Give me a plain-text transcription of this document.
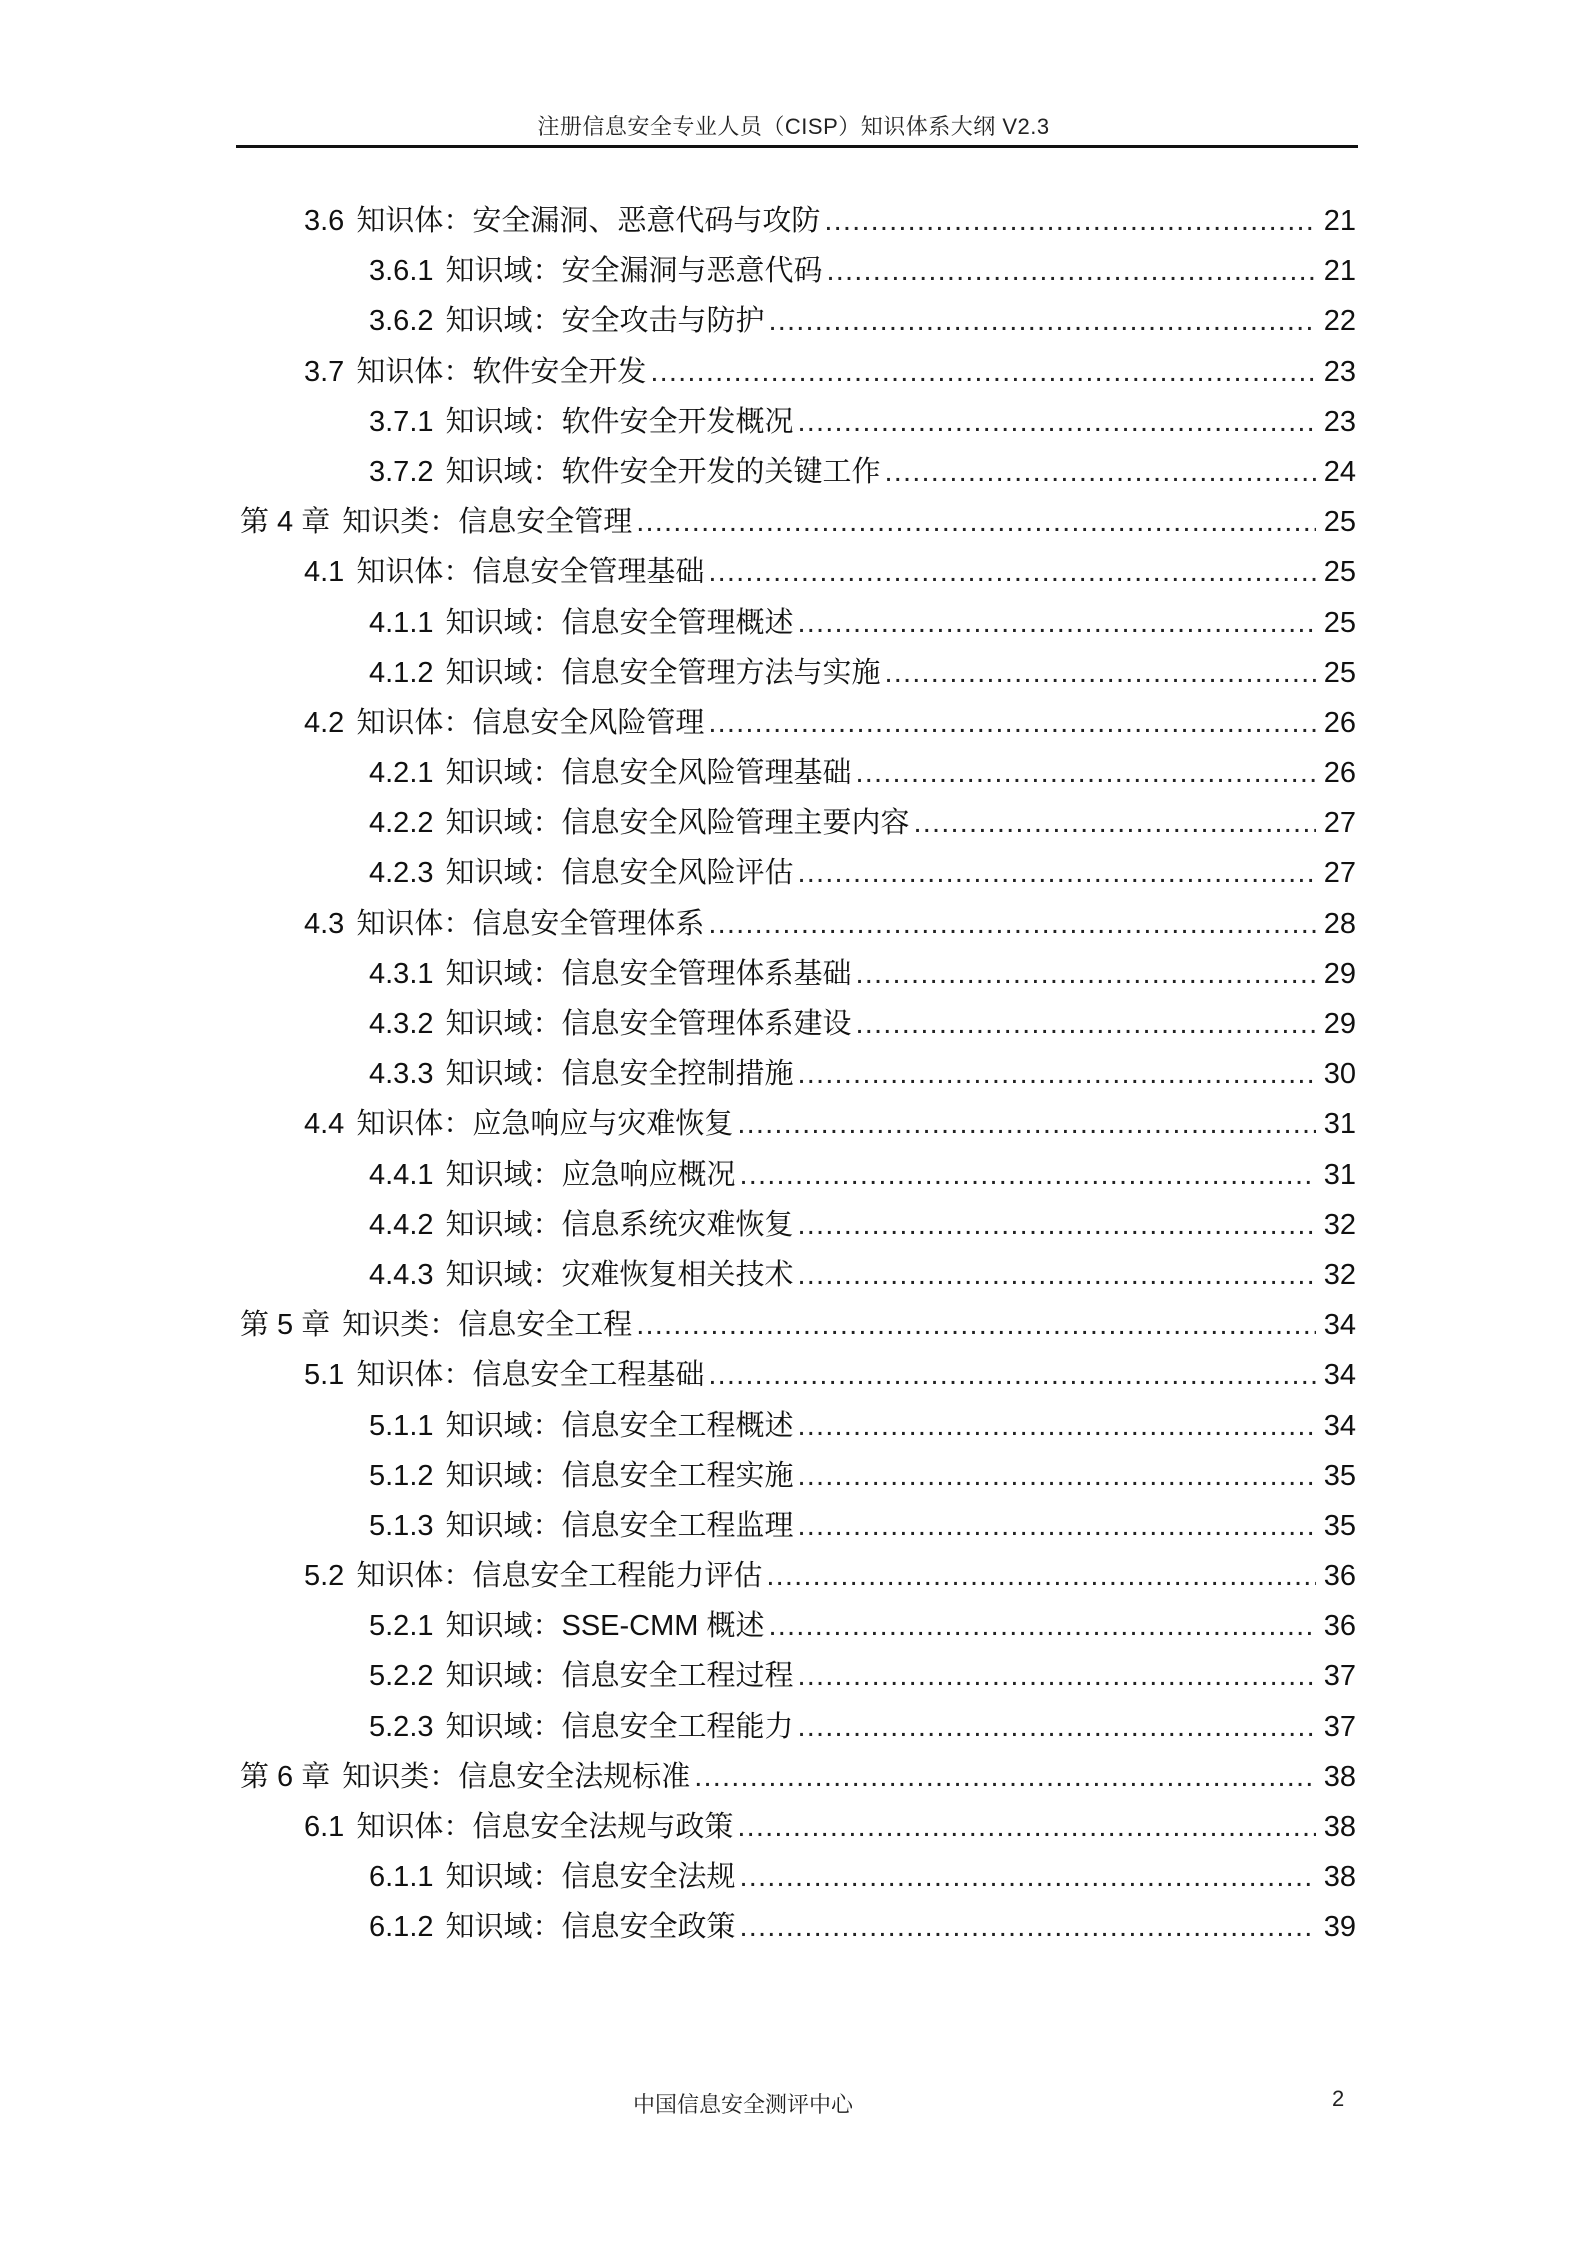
注册信息安全专业人员（CISP）知识体系大纲 V2.3
3.6 知识体：安全漏洞、恶意代码与攻防 .....	21
3.6.1 知识域：安全漏洞与恶意代码 .....	21
3.6.2 知识域：安全攻击与防护 .....	22
3.7 知识体：软件安全开发 .....	23
3.7.1 知识域：软件安全开发概况 .....	23
3.7.2 知识域：软件安全开发的关键工作 .....	24
第 4 章 知识类：信息安全管理 .....	25
4.1 知识体：信息安全管理基础 .....	25
4.1.1 知识域：信息安全管理概述 .....	25
4.1.2 知识域：信息安全管理方法与实施 .....	25
4.2 知识体：信息安全风险管理 .....	26
4.2.1 知识域：信息安全风险管理基础 .....	26
4.2.2 知识域：信息安全风险管理主要内容 .....	27
4.2.3 知识域：信息安全风险评估 .....	27
4.3 知识体：信息安全管理体系 .....	28
4.3.1 知识域：信息安全管理体系基础 .....	29
4.3.2 知识域：信息安全管理体系建设 .....	29
4.3.3 知识域：信息安全控制措施 .....	30
4.4 知识体：应急响应与灾难恢复 .....	31
4.4.1 知识域：应急响应概况 .....	31
4.4.2 知识域：信息系统灾难恢复 .....	32
4.4.3 知识域：灾难恢复相关技术 .....	32
第 5 章 知识类：信息安全工程 .....	34
5.1 知识体：信息安全工程基础 .....	34
5.1.1 知识域：信息安全工程概述 .....	34
5.1.2 知识域：信息安全工程实施 .....	35
5.1.3 知识域：信息安全工程监理 .....	35
5.2 知识体：信息安全工程能力评估 .....	36
5.2.1 知识域：SSE-CMM 概述 .....	36
5.2.2 知识域：信息安全工程过程 .....	37
5.2.3 知识域：信息安全工程能力 .....	37
第 6 章 知识类：信息安全法规标准 .....	38
6.1 知识体：信息安全法规与政策 .....	38
6.1.1 知识域：信息安全法规 .....	38
6.1.2 知识域：信息安全政策 .....	39
中国信息安全测评中心	2
